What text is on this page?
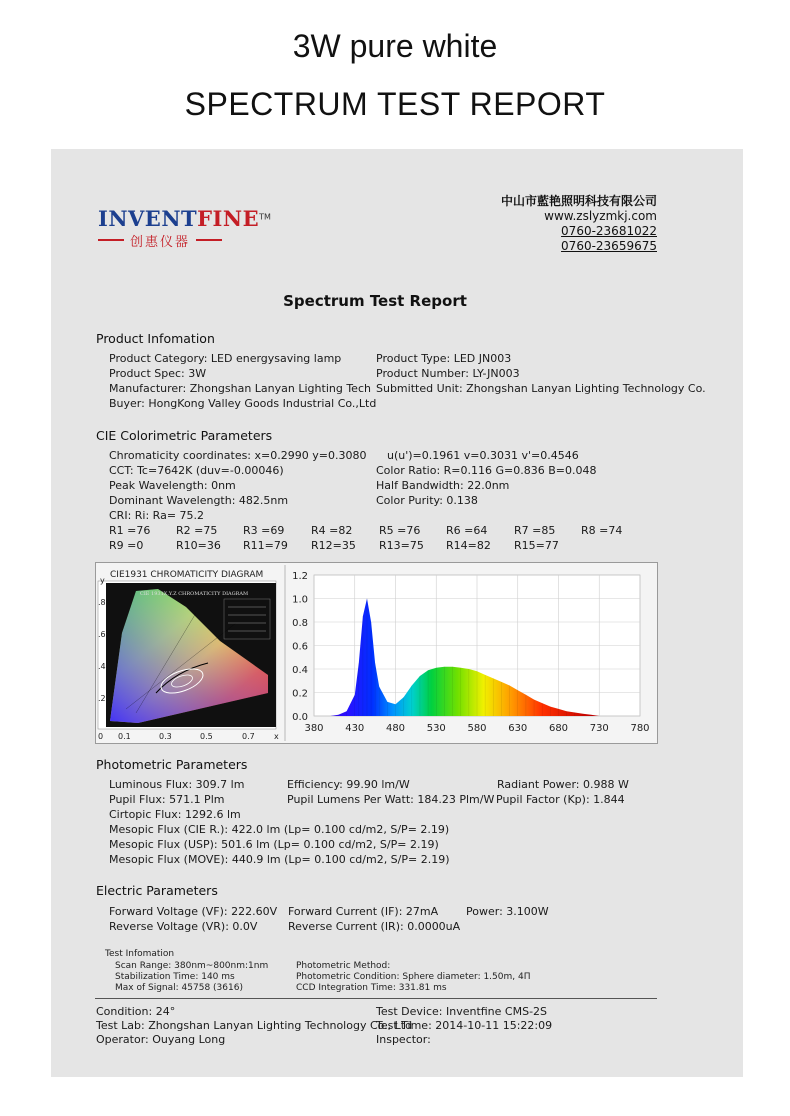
3W pure white
SPECTRUM TEST REPORT
INVENTFINE™
创惠仪器
中山市藍艳照明科技有限公司
www.zslyzmkj.com
0760-23681022
0760-23659675
Spectrum Test Report
Product Infomation
Product Category: LED energysaving lamp	Product Type: LED JN003
Product Spec: 3W	Product Number: LY-JN003
Manufacturer: Zhongshan Lanyan Lighting Tech Submitted Unit: Zhongshan Lanyan Lighting Technology Co.
Buyer: HongKong Valley Goods Industrial Co.,Ltd
CIE Colorimetric Parameters
Chromaticity coordinates: x=0.2990 y=0.3080 u(u')=0.1961 v=0.3031 v'=0.4546
CCT: Tc=7642K (duv=-0.00046)	Color Ratio: R=0.116 G=0.836 B=0.048
Peak Wavelength: 0nm	Half Bandwidth: 22.0nm
Dominant Wavelength: 482.5nm	Color Purity: 0.138
CRI: Ri: Ra= 75.2
R1 =76 R2 =75 R3 =69 R4 =82 R5 =76 R6 =64 R7 =85 R8 =74
R9 =0	R10=36 R11=79 R12=35 R13=75 R14=82 R15=77
CIE1931 CHROMATICITY DIAGRAM
y
CIE 1931X.Y.Z CHROMATICITY DIAGRAM
.8
.6
.4
.2
0 0.1	0.3	0.5	0.7 x
1.2
1.0
0.8
0.6
0.4
0.2
0.0
380 430 480 530 580 630 680 730 780
Photometric Parameters
Luminous Flux: 309.7 lm	Efficiency: 99.90 lm/W	Radiant Power: 0.988 W
Pupil Flux: 571.1 Plm	Pupil Lumens Per Watt: 184.23 Plm/W Pupil Factor (Kp): 1.844
Cirtopic Flux: 1292.6 lm
Mesopic Flux (CIE R.): 422.0 lm (Lp= 0.100 cd/m2, S/P= 2.19)
Mesopic Flux (USP): 501.6 lm (Lp= 0.100 cd/m2, S/P= 2.19)
Mesopic Flux (MOVE): 440.9 lm (Lp= 0.100 cd/m2, S/P= 2.19)
Electric Parameters
Forward Voltage (VF): 222.60V Forward Current (IF): 27mA	Power: 3.100W
Reverse Voltage (VR): 0.0V	Reverse Current (IR): 0.0000uA
Test Infomation
Scan Range: 380nm~800nm:1nm
Stabilization Time: 140 ms
Max of Signal: 45758 (3616)
Photometric Method:
Photometric Condition: Sphere diameter: 1.50m, 4Π
CCD Integration Time: 331.81 ms
Condition: 24°	Test Device: Inventfine CMS-2S
Test Lab: Zhongshan Lanyan Lighting Technology Co., Ltd
Test Time: 2014-10-11 15:22:09
Operator: Ouyang Long	Inspector:
